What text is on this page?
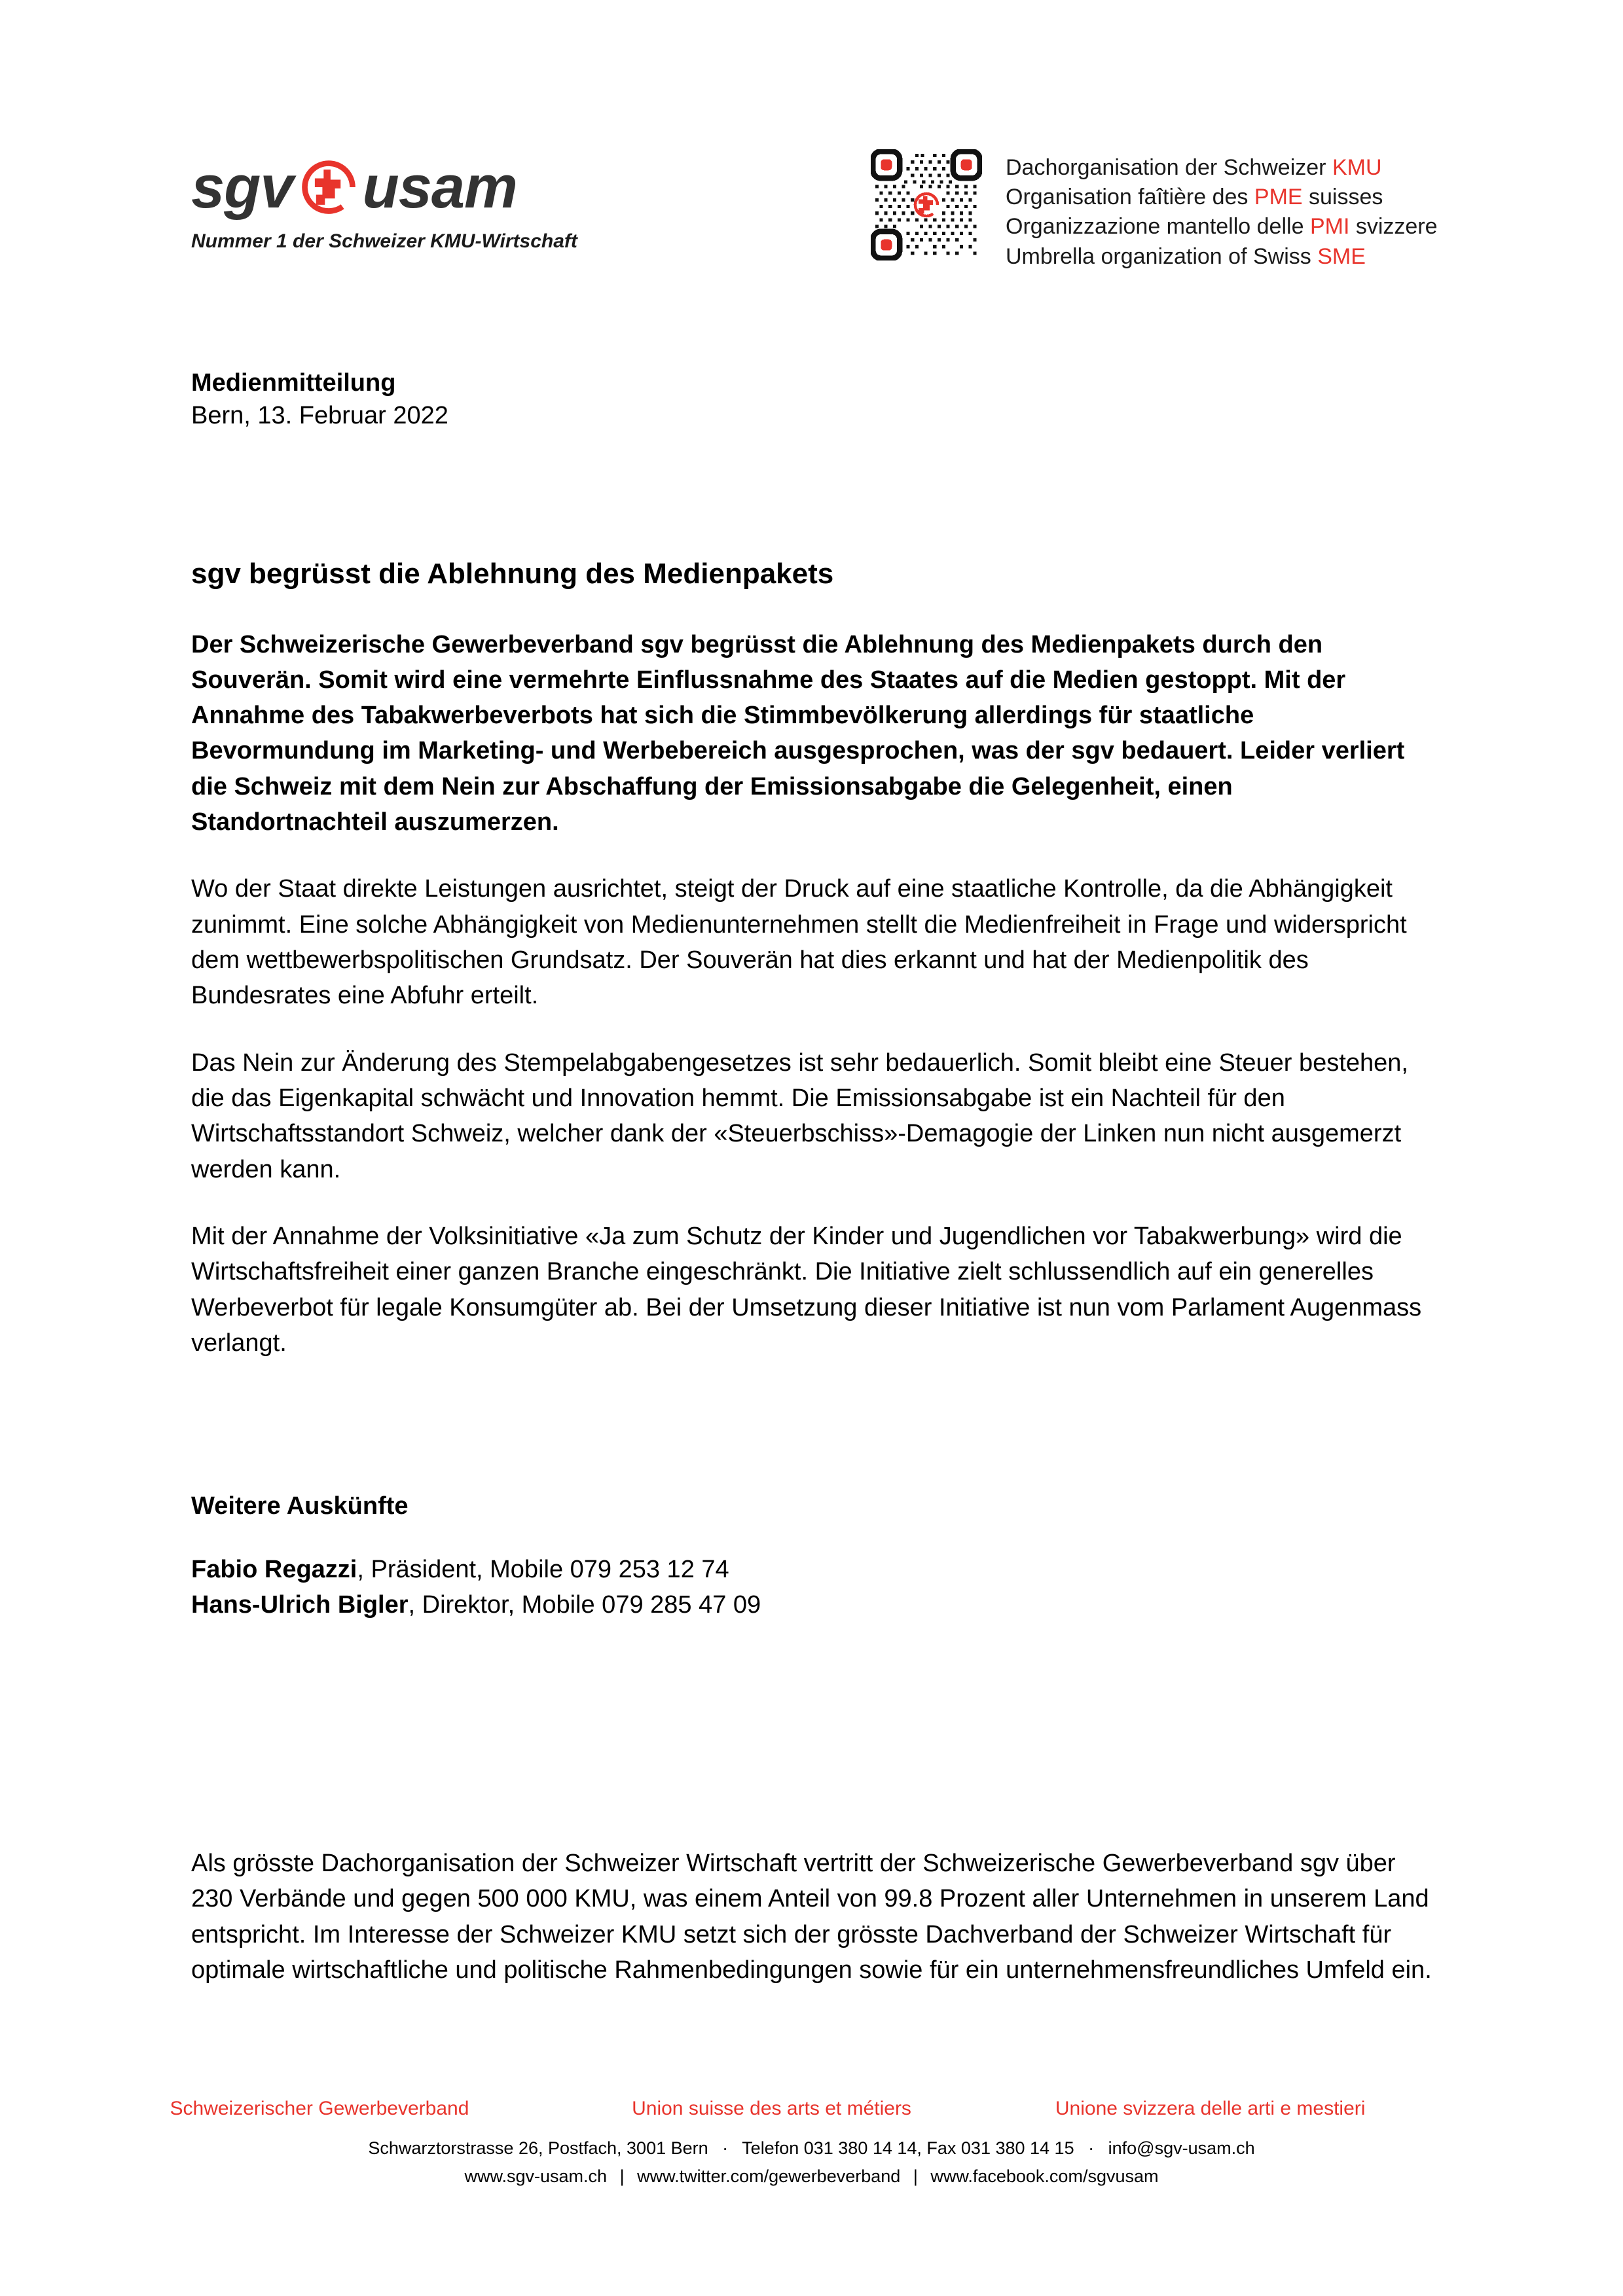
sgv usam
Nummer 1 der Schweizer KMU-Wirtschaft
Dachorganisation der Schweizer KMU
Organisation faîtière des PME suisses
Organizzazione mantello delle PMI svizzere
Umbrella organization of Swiss SME
Medienmitteilung
Bern, 13. Februar 2022
sgv begrüsst die Ablehnung des Medienpakets

Der Schweizerische Gewerbeverband sgv begrüsst die Ablehnung des Medienpakets durch den Souverän. Somit wird eine vermehrte Einflussnahme des Staates auf die Medien gestoppt. Mit der Annahme des Tabakwerbeverbots hat sich die Stimmbevölkerung allerdings für staatliche Bevormundung im Marketing- und Werbebereich ausgesprochen, was der sgv bedauert. Leider verliert die Schweiz mit dem Nein zur Abschaffung der Emissionsabgabe die Gelegenheit, einen Standortnachteil auszumerzen.

Wo der Staat direkte Leistungen ausrichtet, steigt der Druck auf eine staatliche Kontrolle, da die Abhängigkeit zunimmt. Eine solche Abhängigkeit von Medienunternehmen stellt die Medienfreiheit in Frage und widerspricht dem wettbewerbspolitischen Grundsatz. Der Souverän hat dies erkannt und hat der Medienpolitik des Bundesrates eine Abfuhr erteilt.

Das Nein zur Änderung des Stempelabgabengesetzes ist sehr bedauerlich. Somit bleibt eine Steuer bestehen, die das Eigenkapital schwächt und Innovation hemmt. Die Emissionsabgabe ist ein Nachteil für den Wirtschaftsstandort Schweiz, welcher dank der «Steuerbschiss»-Demagogie der Linken nun nicht ausgemerzt werden kann.

Mit der Annahme der Volksinitiative «Ja zum Schutz der Kinder und Jugendlichen vor Tabakwerbung» wird die Wirtschaftsfreiheit einer ganzen Branche eingeschränkt. Die Initiative zielt schlussendlich auf ein generelles Werbeverbot für legale Konsumgüter ab. Bei der Umsetzung dieser Initiative ist nun vom Parlament Augenmass verlangt.

Weitere Auskünfte
Fabio Regazzi, Präsident, Mobile 079 253 12 74
Hans-Ulrich Bigler, Direktor, Mobile 079 285 47 09

Als grösste Dachorganisation der Schweizer Wirtschaft vertritt der Schweizerische Gewerbeverband sgv über 230 Verbände und gegen 500 000 KMU, was einem Anteil von 99.8 Prozent aller Unternehmen in unserem Land entspricht. Im Interesse der Schweizer KMU setzt sich der grösste Dachverband der Schweizer Wirtschaft für optimale wirtschaftliche und politische Rahmenbedingungen sowie für ein unternehmensfreundliches Umfeld ein.

Schweizerischer Gewerbeverband	Union suisse des arts et métiers	Unione svizzera delle arti e mestieri
Schwarztorstrasse 26, Postfach, 3001 Bern · Telefon 031 380 14 14, Fax 031 380 14 15 · info@sgv-usam.ch
www.sgv-usam.ch | www.twitter.com/gewerbeverband | www.facebook.com/sgvusam
